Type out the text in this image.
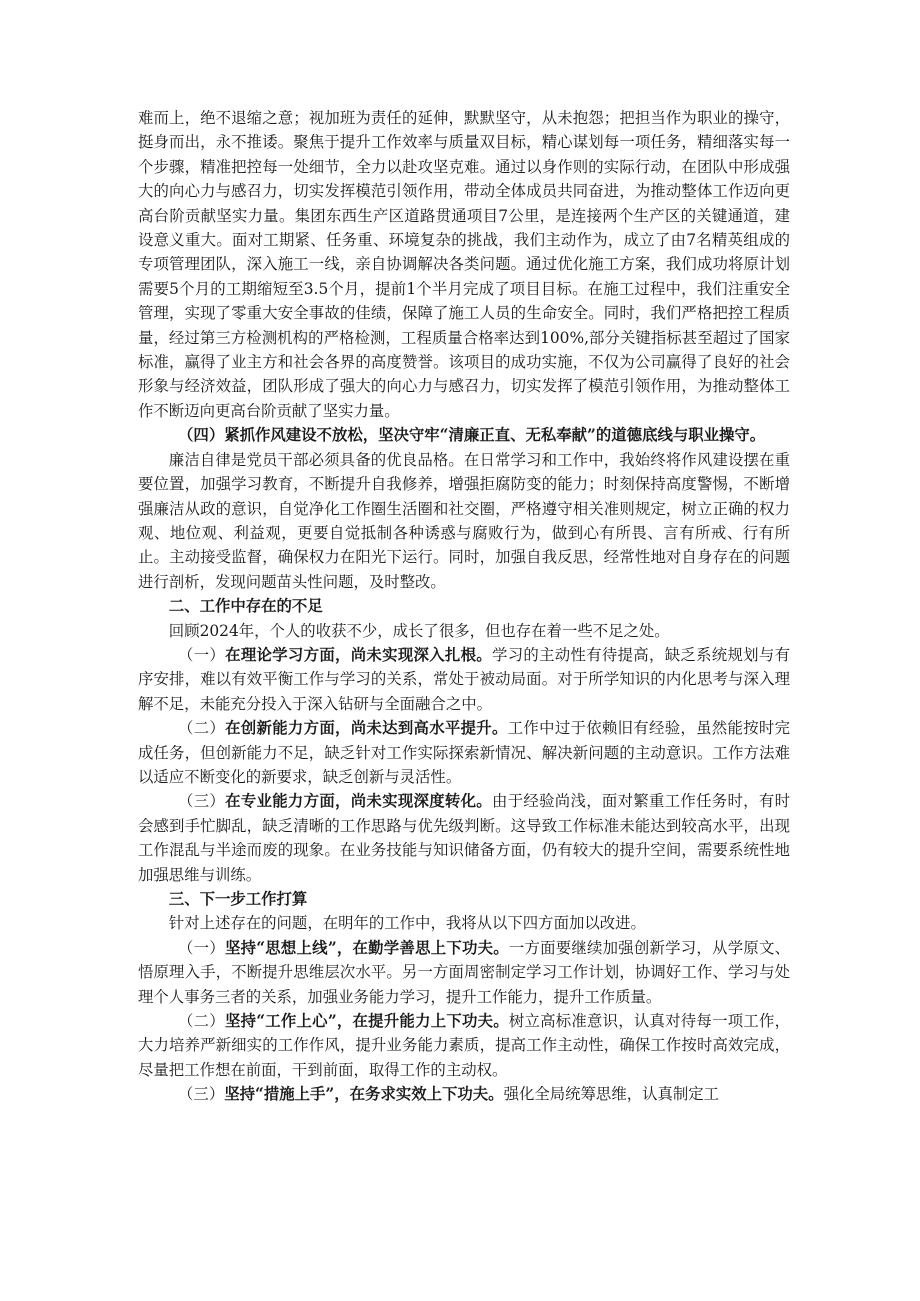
难而上，绝不退缩之意；视加班为责任的延伸，默默坚守，从未抱怨；把担当作为职业的操守，挺身而出，永不推诿。聚焦于提升工作效率与质量双目标，精心谋划每一项任务，精细落实每一个步骤，精准把控每一处细节，全力以赴攻坚克难。通过以身作则的实际行动，在团队中形成强大的向心力与感召力，切实发挥模范引领作用，带动全体成员共同奋进，为推动整体工作迈向更高台阶贡献坚实力量。集团东西生产区道路贯通项目7公里，是连接两个生产区的关键通道，建设意义重大。面对工期紧、任务重、环境复杂的挑战，我们主动作为，成立了由7名精英组成的专项管理团队，深入施工一线，亲自协调解决各类问题。通过优化施工方案，我们成功将原计划需要5个月的工期缩短至3.5个月，提前1个半月完成了项目目标。在施工过程中，我们注重安全管理，实现了零重大安全事故的佳绩，保障了施工人员的生命安全。同时，我们严格把控工程质量，经过第三方检测机构的严格检测，工程质量合格率达到100%,部分关键指标甚至超过了国家标准，赢得了业主方和社会各界的高度赞誉。该项目的成功实施，不仅为公司赢得了良好的社会形象与经济效益，团队形成了强大的向心力与感召力，切实发挥了模范引领作用，为推动整体工作不断迈向更高台阶贡献了坚实力量。

（四）紧抓作风建设不放松，坚决守牢“清廉正直、无私奉献”的道德底线与职业操守。

廉洁自律是党员干部必须具备的优良品格。在日常学习和工作中，我始终将作风建设摆在重要位置，加强学习教育，不断提升自我修养，增强拒腐防变的能力；时刻保持高度警惕，不断增强廉洁从政的意识，自觉净化工作圈生活圈和社交圈，严格遵守相关准则规定，树立正确的权力观、地位观、利益观，更要自觉抵制各种诱惑与腐败行为，做到心有所畏、言有所戒、行有所止。主动接受监督，确保权力在阳光下运行。同时，加强自我反思，经常性地对自身存在的问题进行剖析，发现问题苗头性问题，及时整改。

二、工作中存在的不足

回顾2024年，个人的收获不少，成长了很多，但也存在着一些不足之处。

（一）在理论学习方面，尚未实现深入扎根。学习的主动性有待提高，缺乏系统规划与有序安排，难以有效平衡工作与学习的关系，常处于被动局面。对于所学知识的内化思考与深入理解不足，未能充分投入于深入钻研与全面融合之中。

（二）在创新能力方面，尚未达到高水平提升。工作中过于依赖旧有经验，虽然能按时完成任务，但创新能力不足，缺乏针对工作实际探索新情况、解决新问题的主动意识。工作方法难以适应不断变化的新要求，缺乏创新与灵活性。

（三）在专业能力方面，尚未实现深度转化。由于经验尚浅，面对繁重工作任务时，有时会感到手忙脚乱，缺乏清晰的工作思路与优先级判断。这导致工作标准未能达到较高水平，出现工作混乱与半途而废的现象。在业务技能与知识储备方面，仍有较大的提升空间，需要系统性地加强思维与训练。

三、下一步工作打算

针对上述存在的问题，在明年的工作中，我将从以下四方面加以改进。

（一）坚持“思想上线”，在勤学善思上下功夫。一方面要继续加强创新学习，从学原文、悟原理入手，不断提升思维层次水平。另一方面周密制定学习工作计划，协调好工作、学习与处理个人事务三者的关系，加强业务能力学习，提升工作能力，提升工作质量。

（二）坚持“工作上心”，在提升能力上下功夫。树立高标准意识，认真对待每一项工作，大力培养严新细实的工作作风，提升业务能力素质，提高工作主动性，确保工作按时高效完成，尽量把工作想在前面，干到前面，取得工作的主动权。

（三）坚持“措施上手”，在务求实效上下功夫。强化全局统筹思维，认真制定工
